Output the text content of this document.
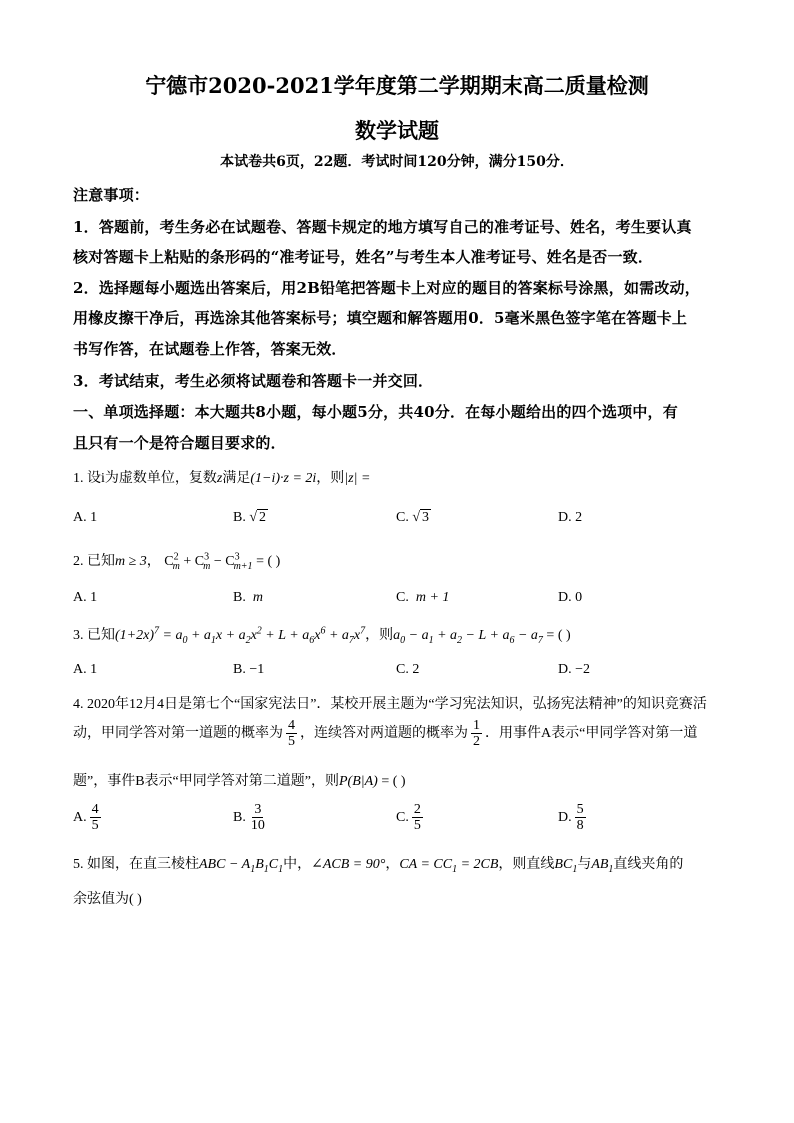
宁德市2020-2021学年度第二学期期末高二质量检测
数学试题
本试卷共6页，22题．考试时间120分钟，满分150分．
注意事项：
1．答题前，考生务必在试题卷、答题卡规定的地方填写自己的准考证号、姓名，考生要认真
核对答题卡上粘贴的条形码的“准考证号，姓名”与考生本人准考证号、姓名是否一致．
2．选择题每小题选出答案后，用2B铅笔把答题卡上对应的题目的答案标号涂黑，如需改动，
用橡皮擦干净后，再选涂其他答案标号；填空题和解答题用0．5毫米黑色签字笔在答题卡上
书写作答，在试题卷上作答，答案无效．
3．考试结束，考生必须将试题卷和答题卡一并交回．
一、单项选择题：本大题共8小题，每小题5分，共40分．在每小题给出的四个选项中，有
且只有一个是符合题目要求的．
1. 设i为虚数单位，复数z满足(1−i)·z = 2i，则|z| =
A. 1	B. √ 2	C. √ 3	D. 2
2. 已知m ≥ 3， $C^2_m + C^3_m - C^3_{m+1}$ = ( )
A. 1	B. m	C. m + 1	D. 0
3. 已知$(1+2x)^7 = a_0 + a_1x + a_2x^2 + L + a_6x^6 + a_7x^7$，则$a_0 - a_1 + a_2 - L + a_6 - a_7$ = ( )
A. 1	B. −1	C. 2	D. −2
4. 2020年12月4日是第七个“国家宪法日”．某校开展主题为“学习宪法知识，弘扬宪法精神”的知识竞赛活
动，甲同学答对第一道题的概率为 $\frac{4}{5}$ ，连续答对两道题的概率为 $\frac{1}{2}$ ．用事件A表示“甲同学答对第一道
题”，事件B表示“甲同学答对第二道题”，则P(B|A) = ( )
A. $\frac{4}{5}$	B. $\frac{3}{10}$	C. $\frac{2}{5}$	D. $\frac{5}{8}$
5. 如图，在直三棱柱ABC − $A_1B_1C_1$中，∠ACB = 90°，CA = $CC_1 = 2CB$，则直线$BC_1$与$AB_1$直线夹角的
余弦值为( )
